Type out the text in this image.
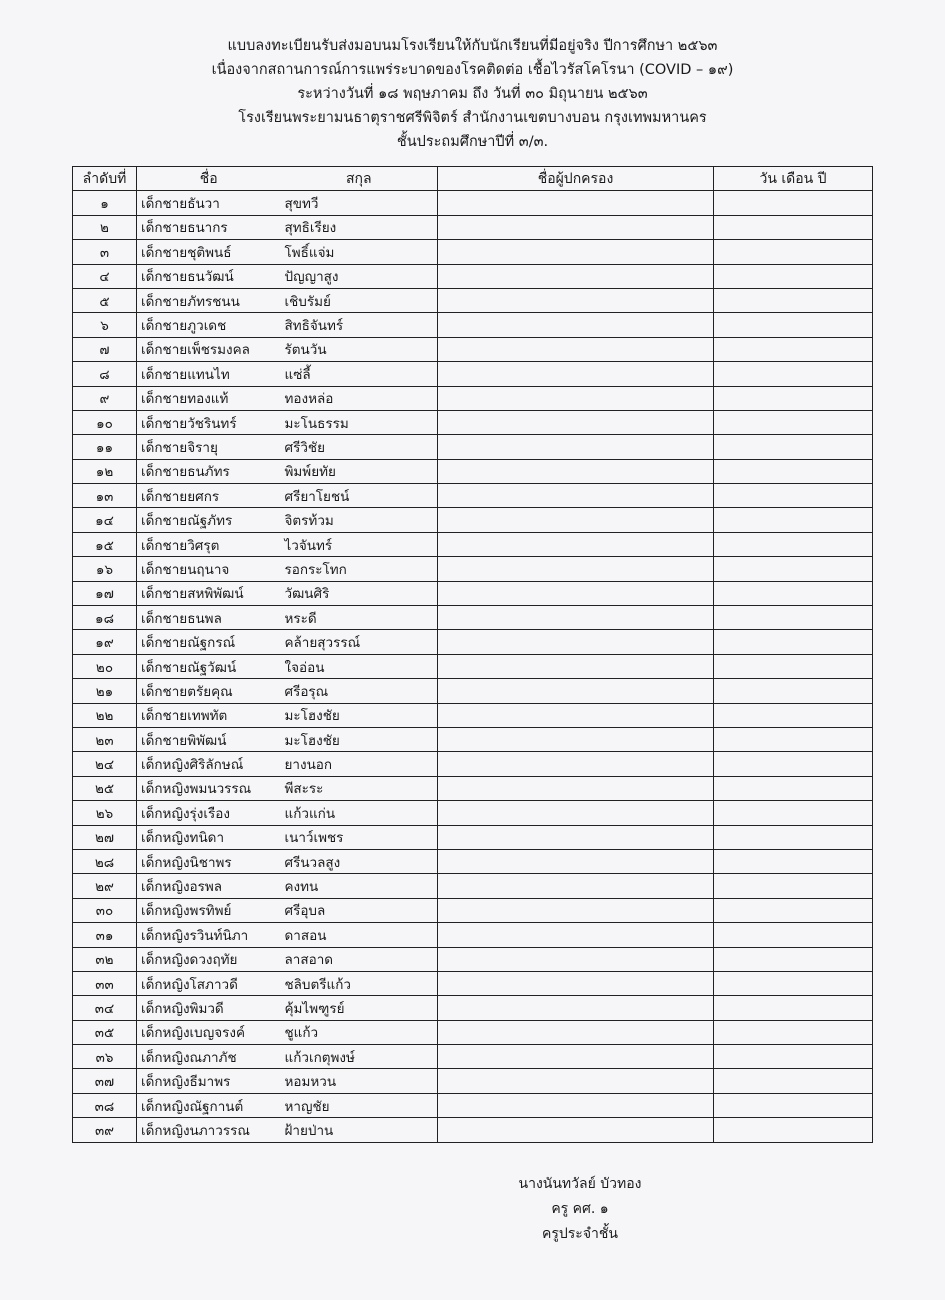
แบบลงทะเบียนรับส่งมอบนมโรงเรียนให้กับนักเรียนที่มีอยู่จริง ปีการศึกษา ๒๕๖๓
เนื่องจากสถานการณ์การแพร่ระบาดของโรคติดต่อ เชื้อไวรัสโคโรนา (COVID – ๑๙)
ระหว่างวันที่ ๑๘ พฤษภาคม ถึง วันที่ ๓๐ มิถุนายน ๒๕๖๓
โรงเรียนพระยามนธาตุราชศรีพิจิตร์ สำนักงานเขตบางบอน กรุงเทพมหานคร
ชั้นประถมศึกษาปีที่ ๓/๓.
ลำดับที่	ชื่อ	สกุล	ชื่อผู้ปกครอง	วัน เดือน ปี
๑	เด็กชายธันวา	สุขทวี		
๒	เด็กชายธนากร	สุทธิเรียง		
๓	เด็กชายชุติพนธ์	โพธิ์แจ่ม		
๔	เด็กชายธนวัฒน์	ปัญญาสูง		
๕	เด็กชายภัทรชนน	เชิบรัมย์		
๖	เด็กชายภูวเดช	สิทธิจันทร์		
๗	เด็กชายเพ็ชรมงคล	รัตนวัน		
๘	เด็กชายแทนไท	แซ่ลี้		
๙	เด็กชายทองแท้	ทองหล่อ		
๑๐	เด็กชายวัชรินทร์	มะโนธรรม		
๑๑	เด็กชายจิรายุ	ศรีวิชัย		
๑๒	เด็กชายธนภัทร	พิมพ์ยทัย		
๑๓	เด็กชายยศกร	ศรียาโยชน์		
๑๔	เด็กชายณัฐภัทร	จิตรท้วม		
๑๕	เด็กชายวิศรุต	ไวจันทร์		
๑๖	เด็กชายนฤนาจ	รอกระโทก		
๑๗	เด็กชายสหพิพัฒน์	วัฒนศิริ		
๑๘	เด็กชายธนพล	หระดี		
๑๙	เด็กชายณัฐกรณ์	คล้ายสุวรรณ์		
๒๐	เด็กชายณัฐวัฒน์	ใจอ่อน		
๒๑	เด็กชายตรัยคุณ	ศรีอรุณ		
๒๒	เด็กชายเทพทัต	มะโฮงชัย		
๒๓	เด็กชายพิพัฒน์	มะโฮงชัย		
๒๔	เด็กหญิงศิริลักษณ์	ยางนอก		
๒๕	เด็กหญิงพมนวรรณ	พีสะระ		
๒๖	เด็กหญิงรุ่งเรือง	แก้วแก่น		
๒๗	เด็กหญิงทนิดา	เนาว์เพชร		
๒๘	เด็กหญิงนิชาพร	ศรีนวลสูง		
๒๙	เด็กหญิงอรพล	คงทน		
๓๐	เด็กหญิงพรทิพย์	ศรีอุบล		
๓๑	เด็กหญิงรวินท์นิภา	ดาสอน		
๓๒	เด็กหญิงดวงฤทัย	ลาสอาด		
๓๓	เด็กหญิงโสภาวดี	ชลิบตรีแก้ว		
๓๔	เด็กหญิงพิมวดี	คุ้มไพฑูรย์		
๓๕	เด็กหญิงเบญจรงค์	ชูแก้ว		
๓๖	เด็กหญิงณภาภัช	แก้วเกตุพงษ์		
๓๗	เด็กหญิงธีมาพร	หอมหวน		
๓๘	เด็กหญิงณัฐกานต์	หาญชัย		
๓๙	เด็กหญิงนภาวรรณ	ฝ้ายป่าน		
นางนันทวัลย์ บัวทอง
ครู คศ. ๑
ครูประจำชั้น
